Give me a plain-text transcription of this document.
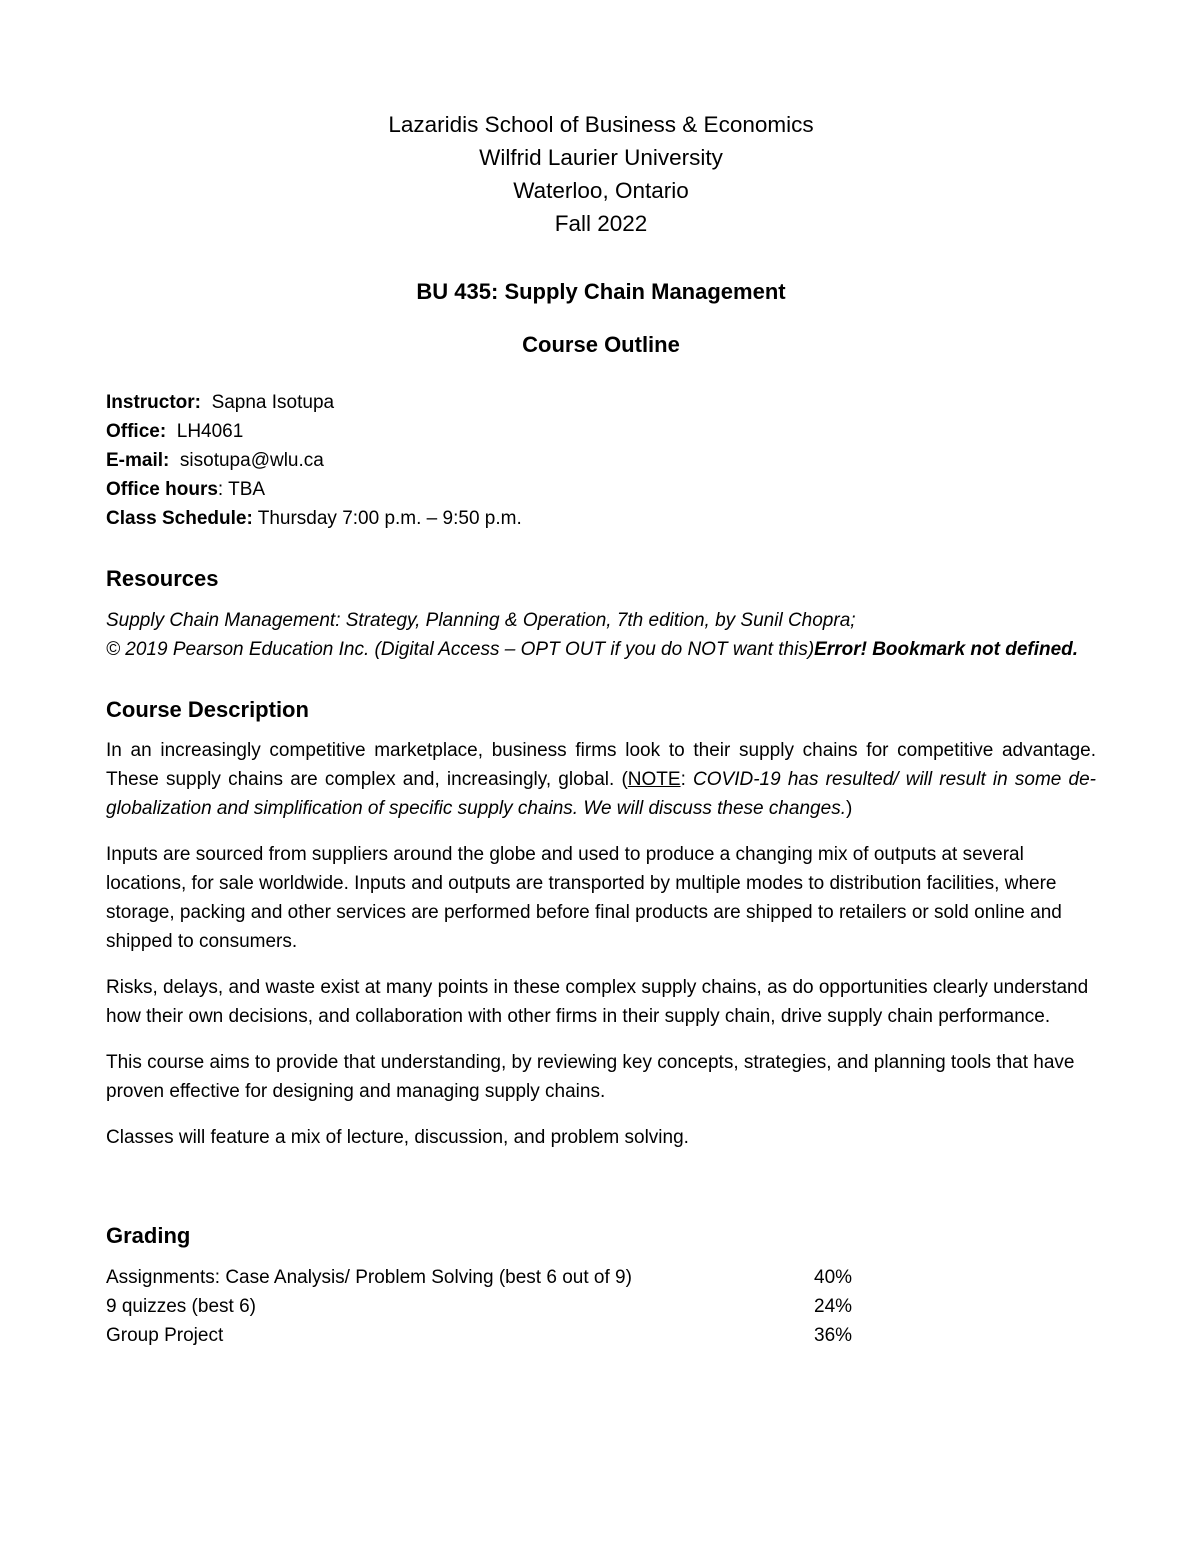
Lazaridis School of Business & Economics
Wilfrid Laurier University
Waterloo, Ontario
Fall 2022
BU 435: Supply Chain Management
Course Outline
Instructor: Sapna Isotupa
Office: LH4061
E-mail: sisotupa@wlu.ca
Office hours: TBA
Class Schedule: Thursday 7:00 p.m. – 9:50 p.m.
Resources
Supply Chain Management: Strategy, Planning & Operation, 7th edition, by Sunil Chopra;
© 2019 Pearson Education Inc. (Digital Access – OPT OUT if you do NOT want this)Error! Bookmark not defined.
Course Description
In an increasingly competitive marketplace, business firms look to their supply chains for competitive advantage. These supply chains are complex and, increasingly, global. (NOTE: COVID-19 has resulted/ will result in some de-globalization and simplification of specific supply chains. We will discuss these changes.)
Inputs are sourced from suppliers around the globe and used to produce a changing mix of outputs at several locations, for sale worldwide. Inputs and outputs are transported by multiple modes to distribution facilities, where storage, packing and other services are performed before final products are shipped to retailers or sold online and shipped to consumers.
Risks, delays, and waste exist at many points in these complex supply chains, as do opportunities clearly understand how their own decisions, and collaboration with other firms in their supply chain, drive supply chain performance.
This course aims to provide that understanding, by reviewing key concepts, strategies, and planning tools that have proven effective for designing and managing supply chains.
Classes will feature a mix of lecture, discussion, and problem solving.
Grading
Assignments: Case Analysis/ Problem Solving (best 6 out of 9)	40%
9 quizzes (best 6)	24%
Group Project	36%
